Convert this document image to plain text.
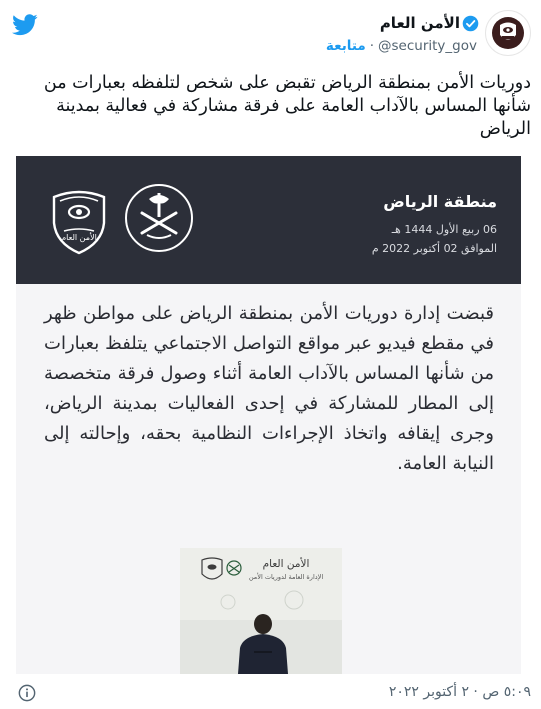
الأمن العام
@security_gov·متابعة
دوريات الأمن بمنطقة الرياض تقبض على شخص لتلفظه بعبارات من شأنها المساس بالآداب العامة على فرقة مشاركة في فعالية بمدينة الرياض
منطقة الرياض
06 ربيع الأول 1444 هـ
الموافق 02 أكتوبر 2022 م
الأمن العام
قبضت إدارة دوريات الأمن بمنطقة الرياض على مواطن ظهر في مقطع فيديو عبر مواقع التواصل الاجتماعي يتلفظ بعبارات من شأنها المساس بالآداب العامة أثناء وصول فرقة متخصصة إلى المطار للمشاركة في إحدى الفعاليات بمدينة الرياض، وجرى إيقافه واتخاذ الإجراءات النظامية بحقه، وإحالته إلى النيابة العامة.
الأمن العام
الإدارة العامة لدوريات الأمن
٥:٠٩ ص · ٢ أكتوبر ٢٠٢٢
